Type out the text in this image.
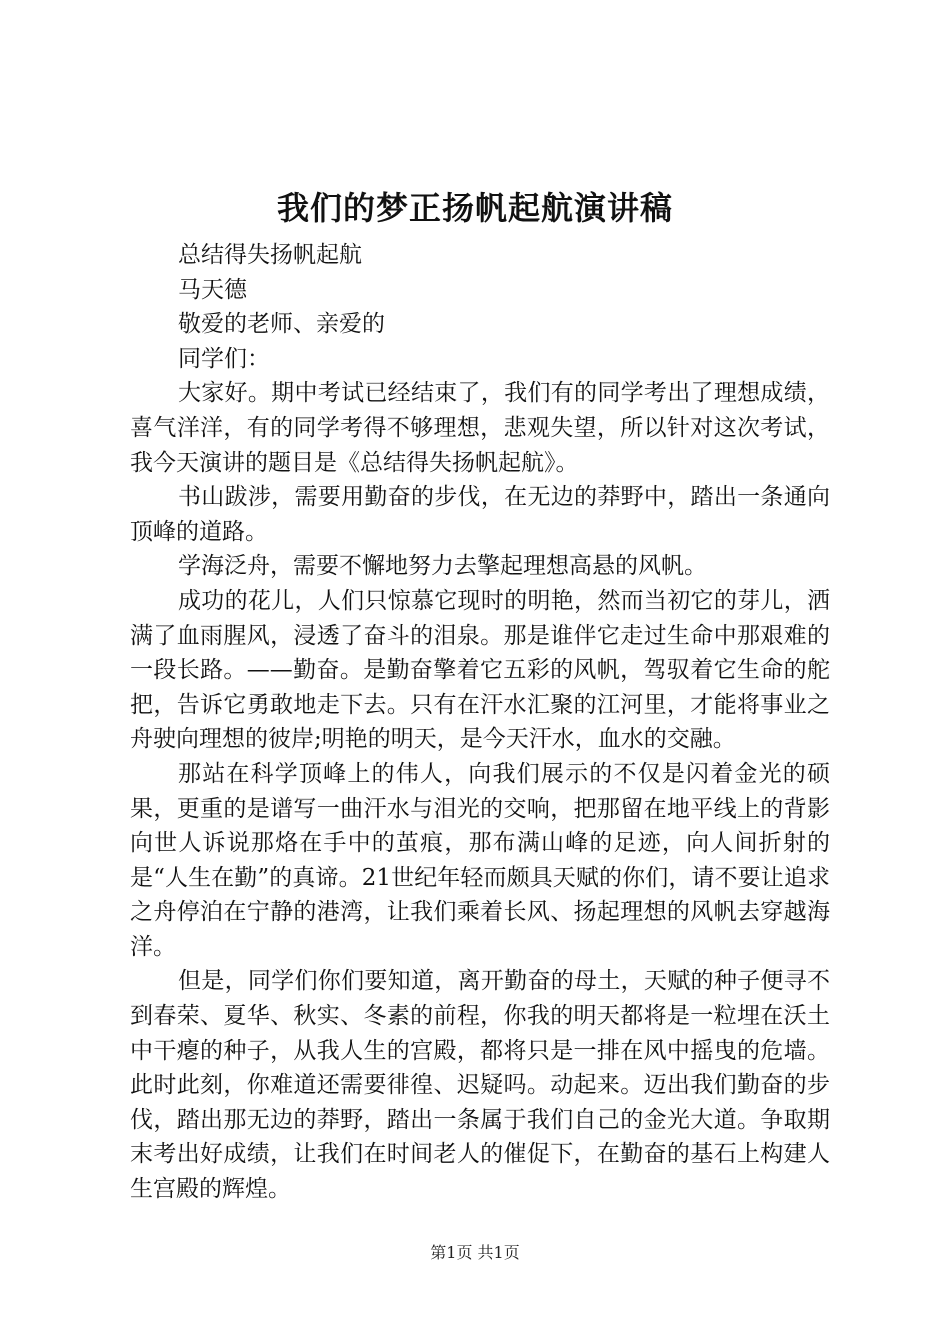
我们的梦正扬帆起航演讲稿

总结得失扬帆起航

马天德

敬爱的老师、亲爱的

同学们：

大家好。期中考试已经结束了，我们有的同学考出了理想成绩，喜气洋洋，有的同学考得不够理想，悲观失望，所以针对这次考试，我今天演讲的题目是《总结得失扬帆起航》。

书山跋涉，需要用勤奋的步伐，在无边的莽野中，踏出一条通向顶峰的道路。

学海泛舟，需要不懈地努力去擎起理想高悬的风帆。

成功的花儿，人们只惊慕它现时的明艳，然而当初它的芽儿，洒满了血雨腥风，浸透了奋斗的泪泉。那是谁伴它走过生命中那艰难的一段长路。——勤奋。是勤奋擎着它五彩的风帆，驾驭着它生命的舵把，告诉它勇敢地走下去。只有在汗水汇聚的江河里，才能将事业之舟驶向理想的彼岸;明艳的明天，是今天汗水，血水的交融。

那站在科学顶峰上的伟人，向我们展示的不仅是闪着金光的硕果，更重的是谱写一曲汗水与泪光的交响，把那留在地平线上的背影向世人诉说那烙在手中的茧痕，那布满山峰的足迹，向人间折射的是“人生在勤”的真谛。21世纪年轻而颇具天赋的你们，请不要让追求之舟停泊在宁静的港湾，让我们乘着长风、扬起理想的风帆去穿越海洋。

但是，同学们你们要知道，离开勤奋的母土，天赋的种子便寻不到春荣、夏华、秋实、冬素的前程，你我的明天都将是一粒埋在沃土中干瘪的种子，从我人生的宫殿，都将只是一排在风中摇曳的危墙。此时此刻，你难道还需要徘徨、迟疑吗。动起来。迈出我们勤奋的步伐，踏出那无边的莽野，踏出一条属于我们自己的金光大道。争取期末考出好成绩，让我们在时间老人的催促下，在勤奋的基石上构建人生宫殿的辉煌。

第1页 共1页
